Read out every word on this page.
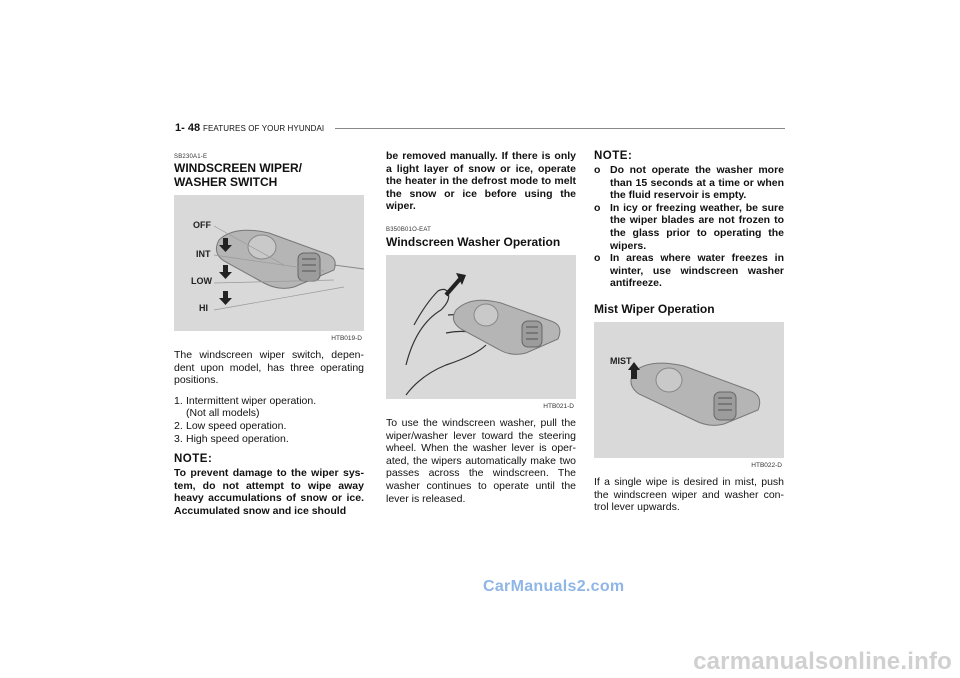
1- 48 FEATURES OF YOUR HYUNDAI
SB230A1-E
WINDSCREEN WIPER/
WASHER SWITCH
OFF
INT
LOW
HI
HTB019-D
The windscreen wiper switch, depen-dent upon model, has three operating positions.
1. Intermittent wiper operation.
(Not all models)
2. Low speed operation.
3. High speed operation.
NOTE:
To prevent damage to the wiper sys-tem, do not attempt to wipe away heavy accumulations of snow or ice. Accumulated snow and ice should
be removed manually. If there is only a light layer of snow or ice, operate the heater in the defrost mode to melt the snow or ice before using the wiper.
B350B01O-EAT
Windscreen Washer Operation
HTB021-D
To use the windscreen washer, pull the wiper/washer lever toward the steering wheel. When the washer lever is oper-ated, the wipers automatically make two passes across the windscreen. The washer continues to operate until the lever is released.
NOTE:
o Do not operate the washer more than 15 seconds at a time or when the fluid reservoir is empty.
o In icy or freezing weather, be sure the wiper blades are not frozen to the glass prior to operating the wipers.
o In areas where water freezes in winter, use windscreen washer antifreeze.
Mist Wiper Operation
MIST
HTB022-D
If a single wipe is desired in mist, push the windscreen wiper and washer con-trol lever upwards.
CarManuals2.com
carmanualsonline.info
